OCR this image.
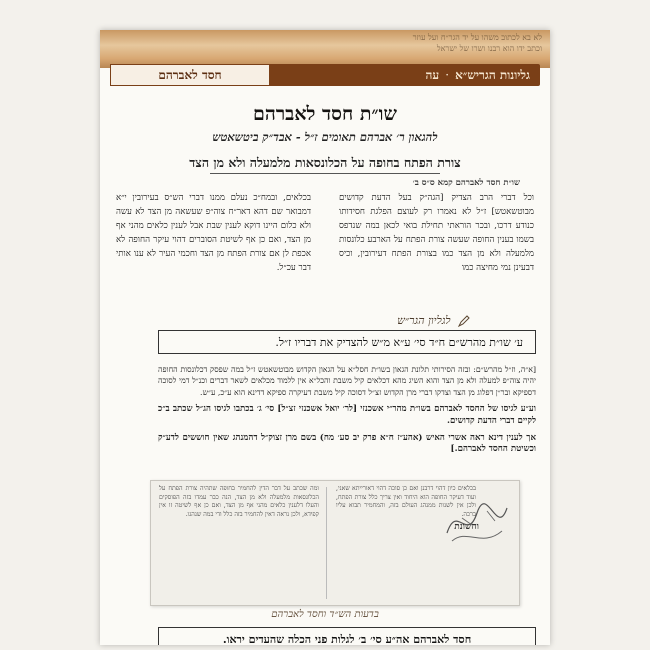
לא בא לכתוב משהו על יד הגר״ח ועל עוזר
וכתב ידו הוא רבנו ושרו של ישראל
חסד לאברהם	גליונות הגריש״א
·
עה
שו״ת חסד לאברהם
להגאון ר׳ אברהם תאומים ז״ל - אבד״ק ביטשאטש
צורת הפתח בחופה על הכלונסאות מלמעלה ולא מן הצד
שו״ת חסד לאברהם קמא ס״ס ב׳
וכל דברי הרב הצדיק [הגה״ק בעל הדעת קדושים מבוטשאטש] ז״ל לא נאמרו רק לעוצם הפלגת חסידותו כנודע דרכו, ובכר הוראתי תחילת בואי לכאן במה שנדפס בשמו בענין החופה שעשה צורת הפתח על הארבע כלונסות מלמעלה ולא מן הצד כמו בצורת הפתח דעירובין, וכיס דבעינן נמי מחיצה כמו
בכלאים, ובמח״כ נעלם ממנו דברי הש״ס בעירובין י״א דמבואר שם דהא דאר״ח צוה״פ שעשאה מן הצד לא עשה ולא כלום היינו דוקא לענין שבת אבל לענין כלאים מהני אף מן הצד, ואם כן אף לשיטת הסוברים דהוי עיקר החופה לא אכפת לן אם צורת הפתח מן הצד וחכמי העיר לא ענו אותי דבר עכ״ל.
לגליון הגר״ש
ע׳ שו״ת מהרש״ם ח״ד סי׳ ע״א מ״ש להצדיק את דבריו ז״ל.

[א״ה, וז״ל מהרש״ם: ובזה הסירותי תלונת הגאון בשו״ת חסל״א על הגאון הקדוש מבוטשאטש ז״ל במה שפסק דכלונסות החופה יהיה צוה״פ למעלה ולא מן הצד והוא השיג מהא דכלאים קיל משבת והכל״א אין ללמוד מכלאים לשאר דברים וכנ״ל דמי לסוכה דספיקא ובר״ן דפלוג מן הצד וצדקו דברי מרן הקדוש זצ״ל דסוכה קיל משבת דעיקרה ספיקא דדינא הוא ע״כ, ע״ש.

וע״ע לגיסו של החסד לאברהם בשו״ת מהר״י אשכנזי [לר׳ יואל אשכנזי זצ״ל] סי׳ ג׳ בכתבו לגיסו הג״ל שכתב ב״כ לקיים דברי הדעת קדושים.

אך לענין דינא ראה אשרי האיש (אהע״ז ח״א פרק יב סע׳ מח) בשם מרן זצוק״ל דהמנהג שאין חוששים לדע״ק וכשיטת החסד לאברהם.]

ומה שכתב על דבר הדין להחמיר בחופה שתהיה צורת הפתח על הכלונסאות מלמעלה ולא מן הצד, הנה כבר עמדו בזה הפוסקים והעלו דלענין כלאים מהני אף מן הצד, ואם כן אף לשיטה זו אין קפידא, ולכן נראה דאין להחמיר בזה כלל ודי במה שנהגו.
בכלאים כיון דהוי דרבנן ואם כן סוכה דהוי דאורייתא שאני, ועוד דעיקר החופה הוא היחוד ואין צריך כלל צורת הפתח, ולכן אין לשנות ממנהג העולם בזה, והמחמיר תבוא עליו ברכה.
וחשונת
בדעות הש״ד וחסד לאברהם
חסד לאברהם אה״ע סי׳ ב׳ לגלות פני הכלה שהעדים יראו.
